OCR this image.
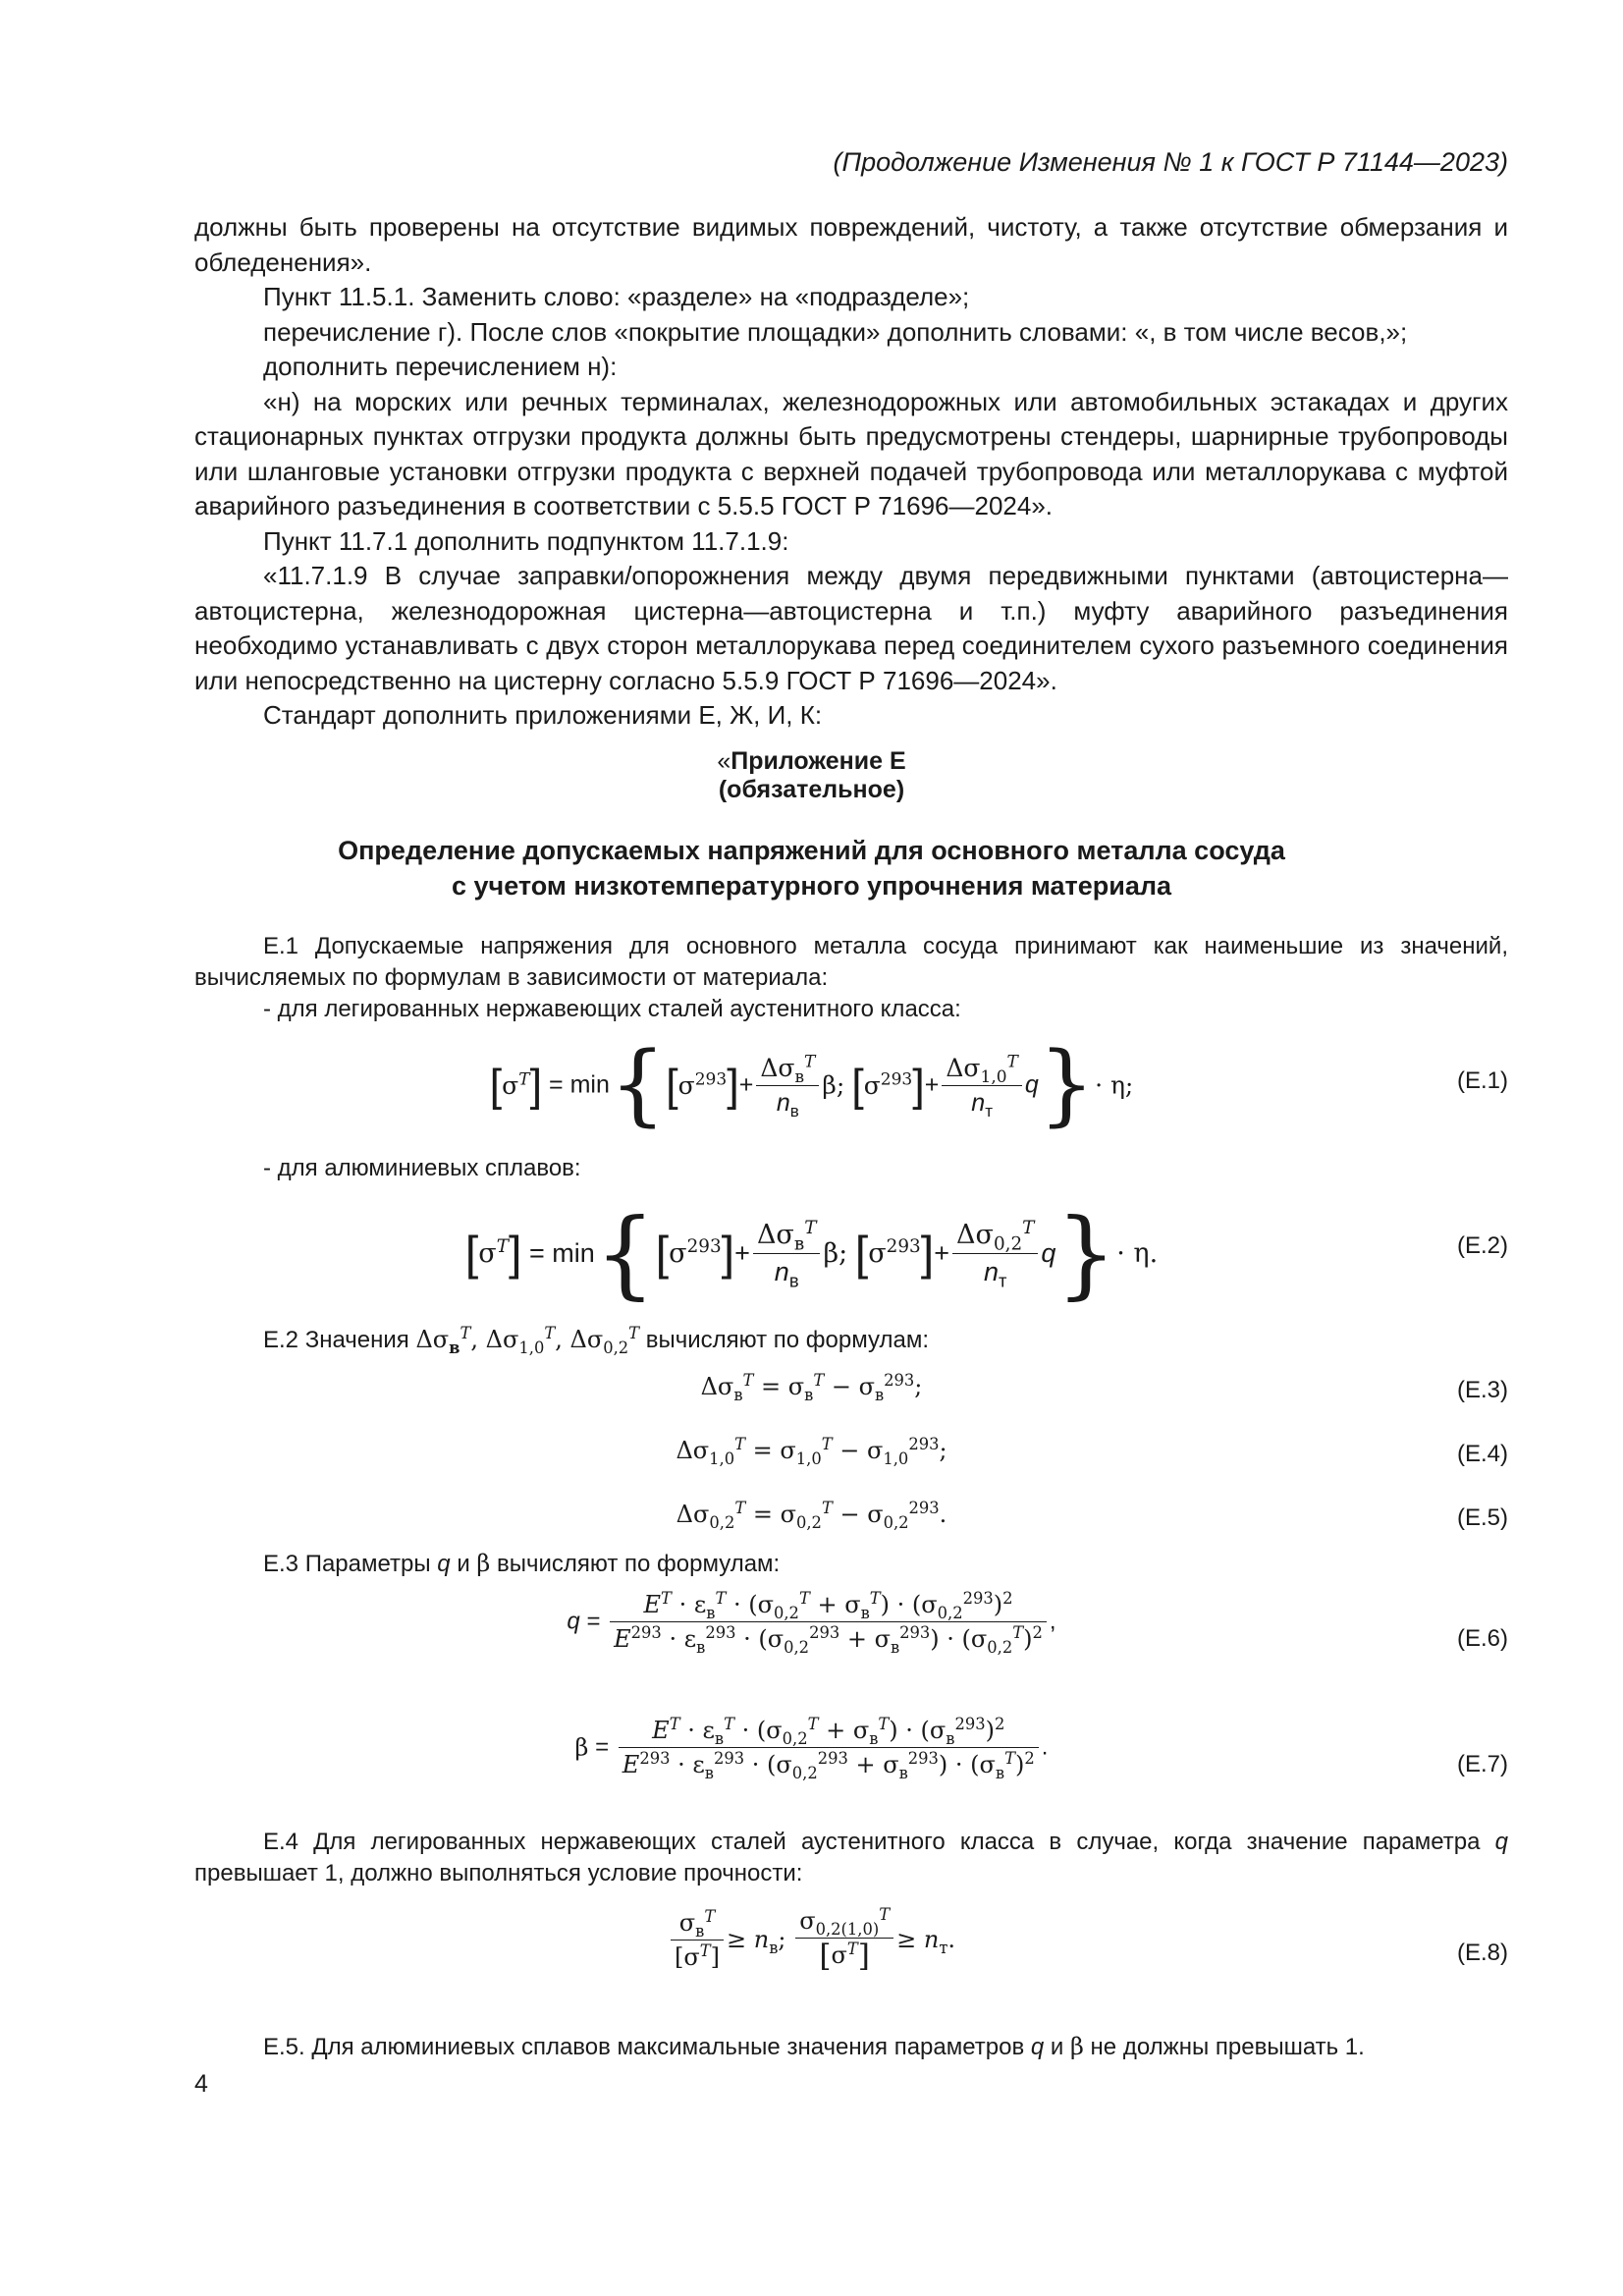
(Продолжение Изменения № 1 к ГОСТ Р 71144—2023)

должны быть проверены на отсутствие видимых повреждений, чистоту, а также отсутствие обмерзания и обледенения».

Пункт 11.5.1. Заменить слово: «разделе» на «подразделе»;

перечисление г). После слов «покрытие площадки» дополнить словами: «, в том числе весов,»;

дополнить перечислением н):

«н) на морских или речных терминалах, железнодорожных или автомобильных эстакадах и других стационарных пунктах отгрузки продукта должны быть предусмотрены стендеры, шарнирные трубопроводы или шланговые установки отгрузки продукта с верхней подачей трубопровода или металлорукава с муфтой аварийного разъединения в соответствии с 5.5.5 ГОСТ Р 71696—2024».

Пункт 11.7.1 дополнить подпунктом 11.7.1.9:

«11.7.1.9 В случае заправки/опорожнения между двумя передвижными пунктами (автоцистерна—автоцистерна, железнодорожная цистерна—автоцистерна и т.п.) муфту аварийного разъединения необходимо устанавливать с двух сторон металлорукава перед соединителем сухого разъемного соединения или непосредственно на цистерну согласно 5.5.9 ГОСТ Р 71696—2024».

Стандарт дополнить приложениями Е, Ж, И, К:

«Приложение Е
(обязательное)
Определение допускаемых напряжений для основного металла сосуда
с учетом низкотемпературного упрочнения материала

Е.1 Допускаемые напряжения для основного металла сосуда принимают как наименьшие из значений, вычисляемых по формулам в зависимости от материала:

- для легированных нержавеющих сталей аустенитного класса:

$[\sigma^T] = \min\{[\sigma^{293}]+ \frac{\Delta\sigma_в^T}{n_в} \beta$; $[\sigma^{293}]+ \frac{\Delta\sigma_{1,0}^T}{n_т} q\}\cdot \eta$;	(Е.1)

- для алюминиевых сплавов:

$[\sigma^T] = \min\{[\sigma^{293}]+ \frac{\Delta\sigma_в^T}{n_в} \beta$; $[\sigma^{293}]+ \frac{\Delta\sigma_{0,2}^T}{n_т} q\}\cdot \eta$.	(Е.2)

Е.2 Значения $\Delta\sigma_в^T$, $\Delta\sigma_{1,0}^T$, $\Delta\sigma_{0,2}^T$ вычисляют по формулам:

$\Delta\sigma_в^T = \sigma_в^T - \sigma_в^{293}$;	(Е.3)
$\Delta\sigma_{1,0}^T = \sigma_{1,0}^T - \sigma_{1,0}^{293}$;	(Е.4)
$\Delta\sigma_{0,2}^T = \sigma_{0,2}^T - \sigma_{0,2}^{293}$.	(Е.5)

Е.3 Параметры q и β вычисляют по формулам:

$q = \frac{E^T \cdot \varepsilon_в^T \cdot (\sigma_{0,2}^T + \sigma_в^T) \cdot (\sigma_{0,2}^{293})^2}{E^{293} \cdot \varepsilon_в^{293} \cdot (\sigma_{0,2}^{293} + \sigma_в^{293}) \cdot (\sigma_{0,2}^T)^2}$ ,
(Е.6)
$\beta = \frac{E^T \cdot \varepsilon_в^T \cdot (\sigma_{0,2}^T + \sigma_в^T) \cdot (\sigma_в^{293})^2}{E^{293} \cdot \varepsilon_в^{293} \cdot (\sigma_{0,2}^{293} + \sigma_в^{293}) \cdot (\sigma_в^T)^2}$ .
(Е.7)

Е.4 Для легированных нержавеющих сталей аустенитного класса в случае, когда значение параметра q превышает 1, должно выполняться условие прочности:

$\frac{\sigma_в^T}{[\sigma^T]} \ge n_в$; $\frac{\sigma_{0,2(1,0)}^T}{[\sigma^T]} \ge n_т$.	(Е.8)

Е.5. Для алюминиевых сплавов максимальные значения параметров q и β не должны превышать 1.

4
